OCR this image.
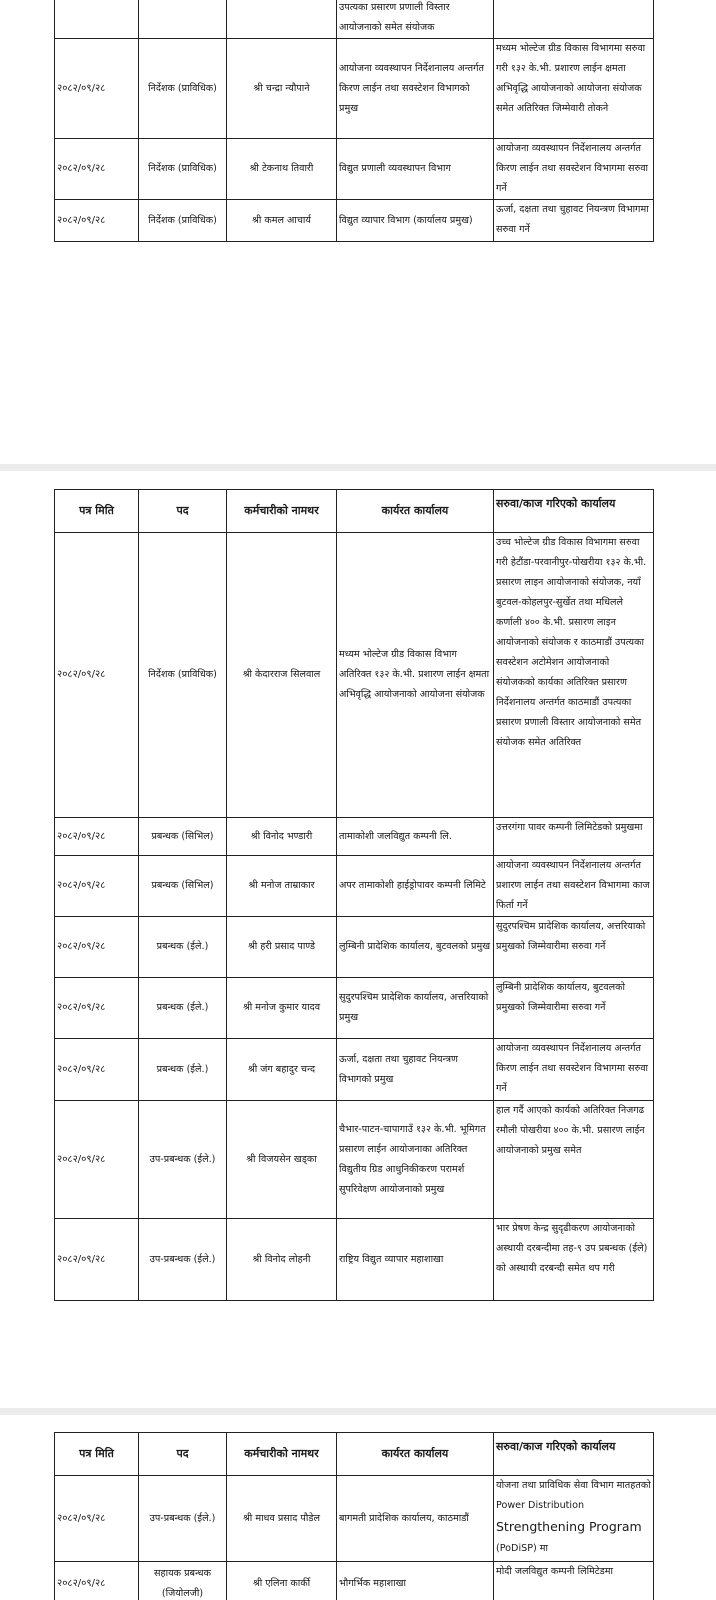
			उपत्यका प्रसारण प्रणाली विस्तार आयोजनाको समेत संयोजक	
२०८२/०९/२८	निर्देशक (प्राविधिक)	श्री चन्द्रा न्यौपाने	आयोजना व्यवस्थापन निर्देशनालय अन्तर्गत किरण लाईन तथा सवस्टेशन विभागको प्रमुख	मध्यम भोल्टेज ग्रीड विकास विभागमा सरुवा गरी १३२ के.भी. प्रशारण लाईन क्षमता अभिवृद्धि आयोजनाको आयोजना संयोजक समेत अतिरिक्त जिम्मेवारी तोकने
२०८२/०९/२८	निर्देशक (प्राविधिक)	श्री टेकनाथ तिवारी	विद्युत प्रणाली व्यवस्थापन विभाग	आयोजना व्यवस्थापन निर्देशनालय अन्तर्गत किरण लाईन तथा सवस्टेशन विभागमा सरुवा गर्ने
२०८२/०९/२८	निर्देशक (प्राविधिक)	श्री कमल आचार्य	विद्युत व्यापार विभाग (कार्यालय प्रमुख)	ऊर्जा, दक्षता तथा चुहावट नियन्त्रण विभागमा सरुवा गर्ने
पत्र मिति	पद	कर्मचारीको नामथर	कार्यरत कार्यालय	सरुवा/काज गरिएको कार्यालय
२०८२/०९/२८	निर्देशक (प्राविधिक)	श्री केदारराज सिलवाल	मध्यम भोल्टेज ग्रीड विकास विभाग अतिरिक्त १३२ के.भी. प्रशारण लाईन क्षमता अभिवृद्धि आयोजनाको आयोजना संयोजक	उच्च भोल्टेज ग्रीड विकास विभागमा सरुवा गरी हेटौंडा-परवानीपुर-पोखरीया १३२ के.भी. प्रसारण लाइन आयोजनाको संयोजक, नयाँ बुटवल-कोहलपुर-सुर्खेत तथा मधिलले कर्णाली ४०० के.भी. प्रसारण लाइन आयोजनाको संयोजक र काठमाडौं उपत्यका सवस्टेशन अटोमेशन आयोजनाको संयोजकको कार्यका अतिरिक्त प्रसारण निर्देशनालय अन्तर्गत काठमाडौं उपत्यका प्रसारण प्रणाली विस्तार आयोजनाको समेत संयोजक समेत अतिरिक्त
२०८२/०९/२८	प्रबन्धक (सिभिल)	श्री विनोद भण्डारी	तामाकोशी जलविद्युत कम्पनी लि.	उत्तरगंगा पावर कम्पनी लिमिटेडको प्रमुखमा
२०८२/०९/२८	प्रबन्धक (सिभिल)	श्री मनोज ताम्राकार	अपर तामाकोशी हाईड्रोपावर कम्पनी लिमिटे	आयोजना व्यवस्थापन निर्देशनालय अन्तर्गत प्रशारण लाईन तथा सवस्टेशन विभागमा काज फिर्ता गर्ने
२०८२/०९/२८	प्रबन्धक (ईले.)	श्री हरी प्रसाद पाण्डे	लुम्बिनी प्रादेशिक कार्यालय, बुटवलको प्रमुख	सुदुरपश्चिम प्रादेशिक कार्यालय, अत्तरियाको प्रमुखको जिम्मेवारीमा सरुवा गर्ने
२०८२/०९/२८	प्रबन्धक (ईले.)	श्री मनोज कुमार यादव	सुदुरपश्चिम प्रादेशिक कार्यालय, अत्तरियाको प्रमुख	लुम्बिनी प्रादेशिक कार्यालय, बुटवलको प्रमुखको जिम्मेवारीमा सरुवा गर्ने
२०८२/०९/२८	प्रबन्धक (ईले.)	श्री जंग बहादुर चन्द	ऊर्जा, दक्षता तथा चुहावट नियन्त्रण विभागको प्रमुख	आयोजना व्यवस्थापन निर्देशनालय अन्तर्गत किरण लाईन तथा सवस्टेशन विभागमा सरुवा गर्ने
२०८२/०९/२८	उप-प्रबन्धक (ईले.)	श्री विजयसेन खड्का	चैभार-पाटन-चापागाउँ १३२ के.भी. भूमिगत प्रसारण लाईन आयोजनाका अतिरिक्त विद्युतीय ग्रिड आधुनिकीकरण परामर्श सुपरिवेक्षण आयोजनाको प्रमुख	हाल गर्दै आएको कार्यको अतिरिक्त निजगढ रमौली पोखरीया ४०० के.भी. प्रसारण लाईन आयोजनाको प्रमुख समेत
२०८२/०९/२८	उप-प्रबन्धक (ईले.)	श्री विनोद लोहनी	राष्ट्रिय विद्युत व्यापार महाशाखा	भार प्रेषण केन्द्र सुदृढीकरण आयोजनाको अस्थायी दरबन्दीमा तह-९ उप प्रबन्धक (ईले) को अस्थायी दरबन्दी समेत थप गरी
पत्र मिति	पद	कर्मचारीको नामथर	कार्यरत कार्यालय	सरुवा/काज गरिएको कार्यालय
२०८२/०९/२८	उप-प्रबन्धक (ईले.)	श्री माधव प्रसाद पौडेल	बागमती प्रादेशिक कार्यालय, काठमाडौं	योजना तथा प्राविधिक सेवा विभाग मातहतको Power Distribution
Strengthening Program
(PoDiSP) मा
२०८२/०९/२८	सहायक प्रबन्धक (जियोलजी)	श्री एलिना कार्की	भौगर्भिक महाशाखा	मोदी जलविद्युत कम्पनी लिमिटेडमा
